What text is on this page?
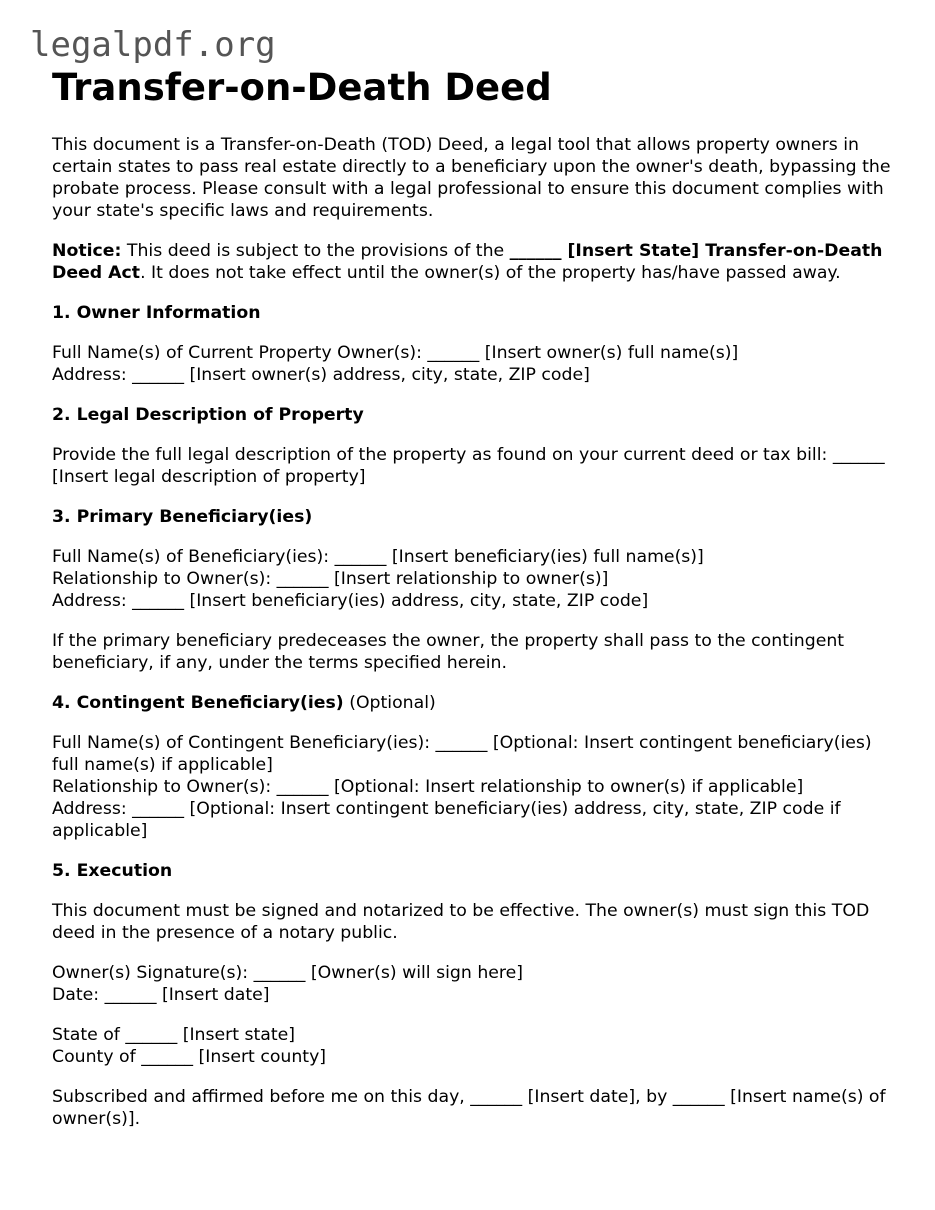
legalpdf.org
Transfer-on-Death Deed

This document is a Transfer-on-Death (TOD) Deed, a legal tool that allows property owners in certain states to pass real estate directly to a beneficiary upon the owner's death, bypassing the probate process. Please consult with a legal professional to ensure this document complies with your state's specific laws and requirements.

Notice: This deed is subject to the provisions of the ______ [Insert State] Transfer-on-Death Deed Act. It does not take effect until the owner(s) of the property has/have passed away.

1. Owner Information

Full Name(s) of Current Property Owner(s): ______ [Insert owner(s) full name(s)]

Address: ______ [Insert owner(s) address, city, state, ZIP code]

2. Legal Description of Property

Provide the full legal description of the property as found on your current deed or tax bill: ______ [Insert legal description of property]

3. Primary Beneficiary(ies)

Full Name(s) of Beneficiary(ies): ______ [Insert beneficiary(ies) full name(s)]

Relationship to Owner(s): ______ [Insert relationship to owner(s)]

Address: ______ [Insert beneficiary(ies) address, city, state, ZIP code]

If the primary beneficiary predeceases the owner, the property shall pass to the contingent beneficiary, if any, under the terms specified herein.

4. Contingent Beneficiary(ies) (Optional)

Full Name(s) of Contingent Beneficiary(ies): ______ [Optional: Insert contingent beneficiary(ies) full name(s) if applicable]

Relationship to Owner(s): ______ [Optional: Insert relationship to owner(s) if applicable]

Address: ______ [Optional: Insert contingent beneficiary(ies) address, city, state, ZIP code if applicable]

5. Execution

This document must be signed and notarized to be effective. The owner(s) must sign this TOD deed in the presence of a notary public.

Owner(s) Signature(s): ______ [Owner(s) will sign here]

Date: ______ [Insert date]

State of ______ [Insert state]

County of ______ [Insert county]

Subscribed and affirmed before me on this day, ______ [Insert date], by ______ [Insert name(s) of owner(s)].
